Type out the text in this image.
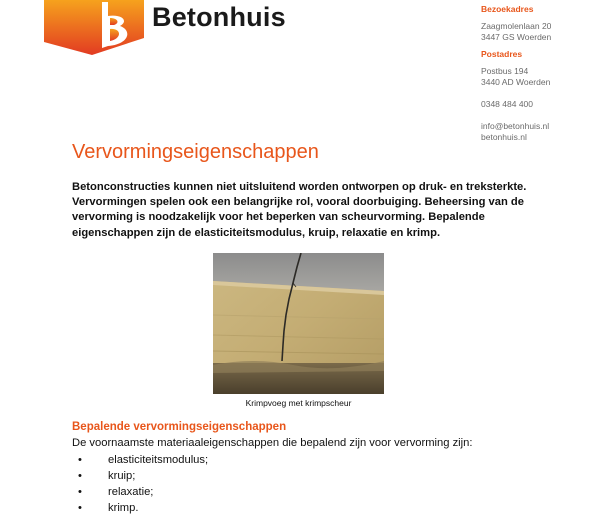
Betonhuis	Bezoekadres
Zaagmolenlaan 20
3447 GS Woerden
Postadres
Postbus 194
3440 AD Woerden
0348 484 400
info@betonhuis.nl
betonhuis.nl
Vervormingseigenschappen

Betonconstructies kunnen niet uitsluitend worden ontworpen op druk- en treksterkte. Vervormingen spelen ook een belangrijke rol, vooral doorbuiging. Beheersing van de vervorming is noodzakelijk voor het beperken van scheurvorming. Bepalende eigenschappen zijn de elasticiteitsmodulus, kruip, relaxatie en krimp.

Krimpvoeg met krimpscheur
Bepalende vervormingseigenschappen

De voornaamste materiaaleigenschappen die bepalend zijn voor vervorming zijn:

• elasticiteitsmodulus;
• kruip;
• relaxatie;
• krimp.
